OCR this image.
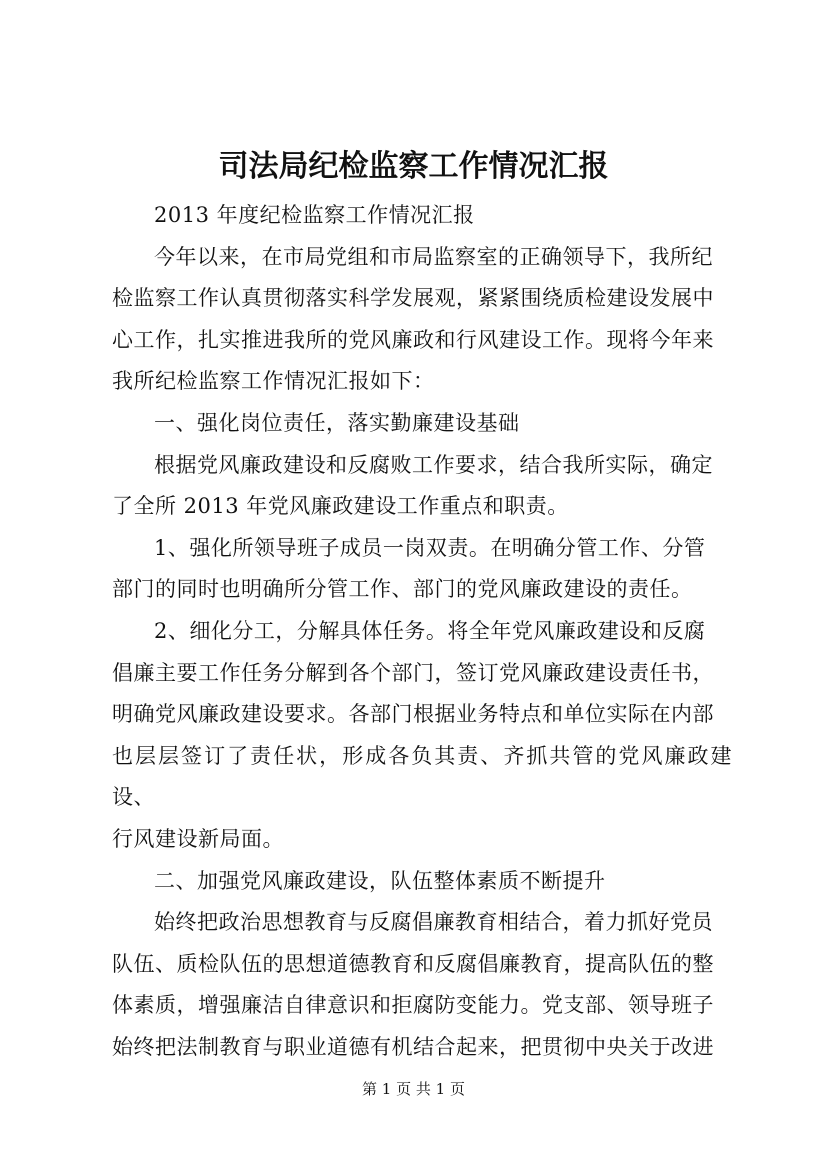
司法局纪检监察工作情况汇报

2013 年度纪检监察工作情况汇报

今年以来，在市局党组和市局监察室的正确领导下，我所纪
检监察工作认真贯彻落实科学发展观，紧紧围绕质检建设发展中
心工作，扎实推进我所的党风廉政和行风建设工作。现将今年来
我所纪检监察工作情况汇报如下：

一、强化岗位责任，落实勤廉建设基础

根据党风廉政建设和反腐败工作要求，结合我所实际，确定
了全所 2013 年党风廉政建设工作重点和职责。

1、强化所领导班子成员一岗双责。在明确分管工作、分管
部门的同时也明确所分管工作、部门的党风廉政建设的责任。

2、细化分工，分解具体任务。将全年党风廉政建设和反腐
倡廉主要工作任务分解到各个部门，签订党风廉政建设责任书，
明确党风廉政建设要求。各部门根据业务特点和单位实际在内部
也层层签订了责任状，形成各负其责、齐抓共管的党风廉政建设、
行风建设新局面。

二、加强党风廉政建设，队伍整体素质不断提升

始终把政治思想教育与反腐倡廉教育相结合，着力抓好党员
队伍、质检队伍的思想道德教育和反腐倡廉教育，提高队伍的整
体素质，增强廉洁自律意识和拒腐防变能力。党支部、领导班子
始终把法制教育与职业道德有机结合起来，把贯彻中央关于改进

第 1 页 共 1 页
